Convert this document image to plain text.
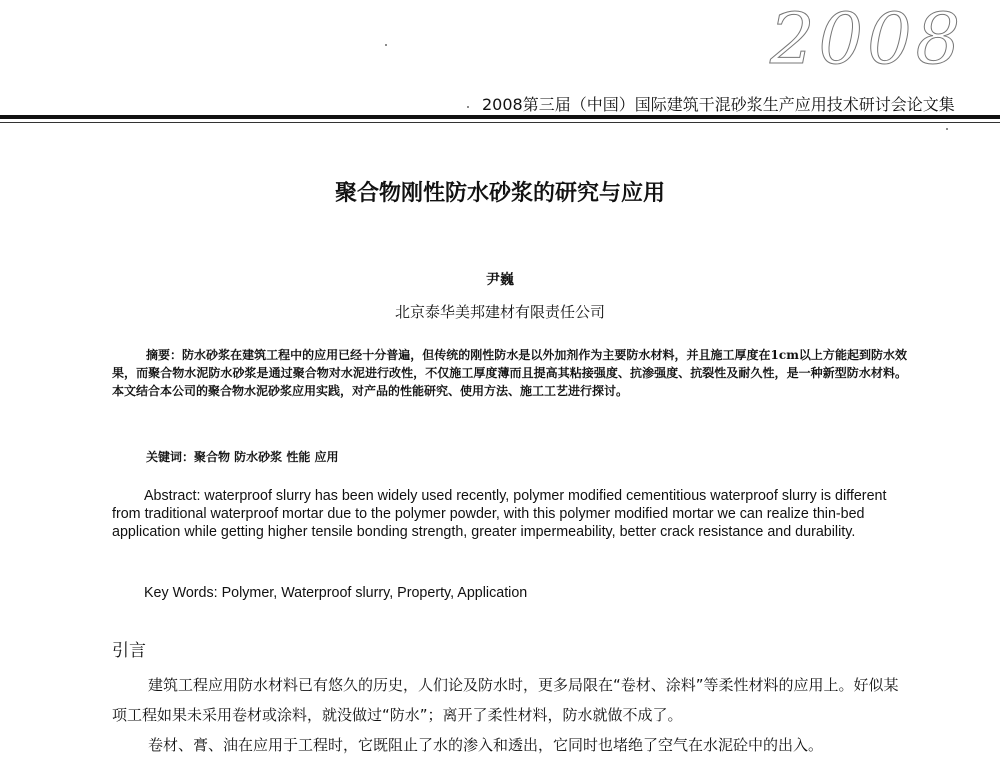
2008
2008第三届（中国）国际建筑干混砂浆生产应用技术研讨会论文集
聚合物刚性防水砂浆的研究与应用
尹巍
北京泰华美邦建材有限责任公司
摘要：防水砂浆在建筑工程中的应用已经十分普遍，但传统的刚性防水是以外加剂作为主要防水材料，并且施工厚度在1cm以上方能起到防水效果，而聚合物水泥防水砂浆是通过聚合物对水泥进行改性，不仅施工厚度薄而且提高其粘接强度、抗渗强度、抗裂性及耐久性，是一种新型防水材料。本文结合本公司的聚合物水泥砂浆应用实践，对产品的性能研究、使用方法、施工工艺进行探讨。
关键词：聚合物 防水砂浆 性能 应用
Abstract: waterproof slurry has been widely used recently, polymer modified cementitious waterproof slurry is different from traditional waterproof mortar due to the polymer powder, with this polymer modified mortar we can realize thin-bed application while getting higher tensile bonding strength, greater impermeability, better crack resistance and durability.
Key Words: Polymer, Waterproof slurry, Property, Application
引言

建筑工程应用防水材料已有悠久的历史，人们论及防水时，更多局限在“卷材、涂料”等柔性材料的应用上。好似某项工程如果未采用卷材或涂料，就没做过“防水”；离开了柔性材料，防水就做不成了。

卷材、膏、油在应用于工程时，它既阻止了水的渗入和透出，它同时也堵绝了空气在水泥砼中的出入。
